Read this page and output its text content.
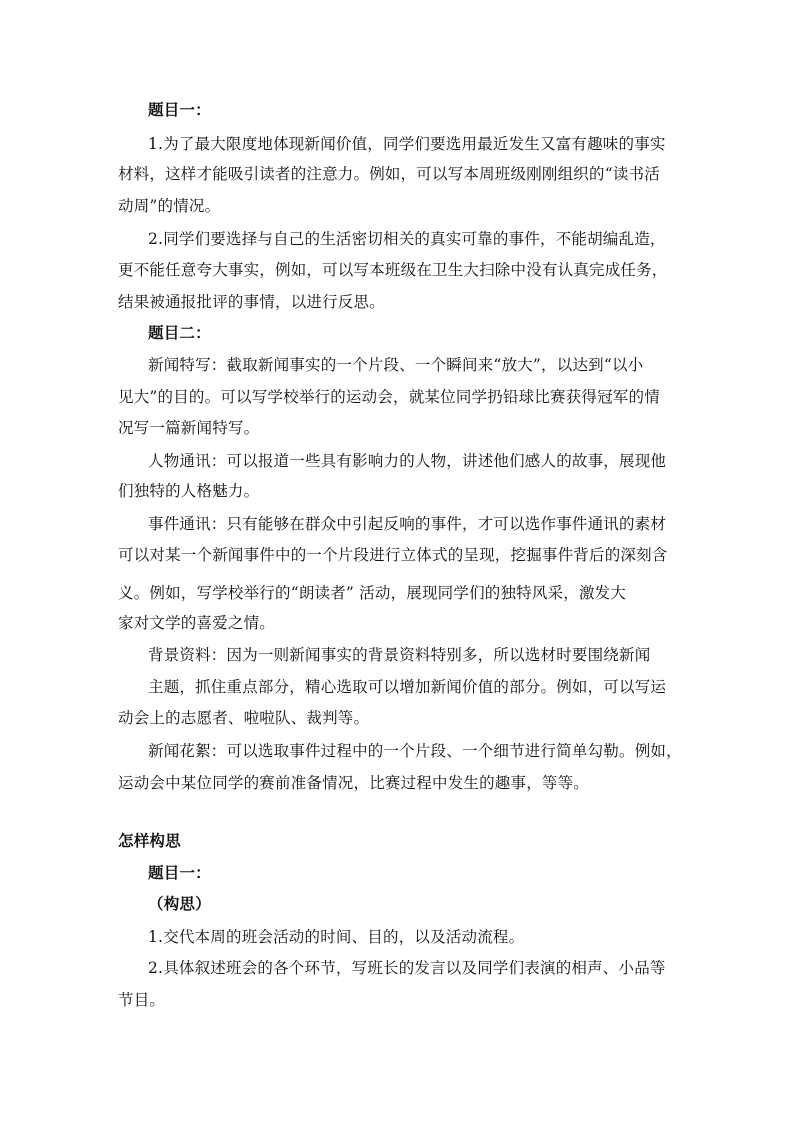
题目一：
1.为了最大限度地体现新闻价值，同学们要选用最近发生又富有趣味的事实
材料，这样才能吸引读者的注意力。例如，可以写本周班级刚刚组织的“读书活
动周”的情况。
2.同学们要选择与自己的生活密切相关的真实可靠的事件，不能胡编乱造，
更不能任意夸大事实，例如，可以写本班级在卫生大扫除中没有认真完成任务，
结果被通报批评的事情，以进行反思。
题目二：
新闻特写：截取新闻事实的一个片段、一个瞬间来“放大”，以达到“以小
见大”的目的。可以写学校举行的运动会，就某位同学扔铅球比赛获得冠军的情
况写一篇新闻特写。
人物通讯：可以报道一些具有影响力的人物，讲述他们感人的故事，展现他
们独特的人格魅力。
事件通讯：只有能够在群众中引起反响的事件，才可以选作事件通讯的素材
可以对某一个新闻事件中的一个片段进行立体式的呈现，挖掘事件背后的深刻含
义。例如，写学校举行的“朗读者” 活动，展现同学们的独特风采，激发大
家对文学的喜爱之情。
背景资料：因为一则新闻事实的背景资料特别多，所以选材时要围绕新闻
主题，抓住重点部分，精心选取可以增加新闻价值的部分。例如，可以写运
动会上的志愿者、啦啦队、裁判等。
新闻花絮：可以选取事件过程中的一个片段、一个细节进行简单勾勒。例如，
运动会中某位同学的赛前准备情况，比赛过程中发生的趣事，等等。
怎样构思
题目一：
（构思）
1.交代本周的班会活动的时间、目的，以及活动流程。
2.具体叙述班会的各个环节，写班长的发言以及同学们表演的相声、小品等
节目。
